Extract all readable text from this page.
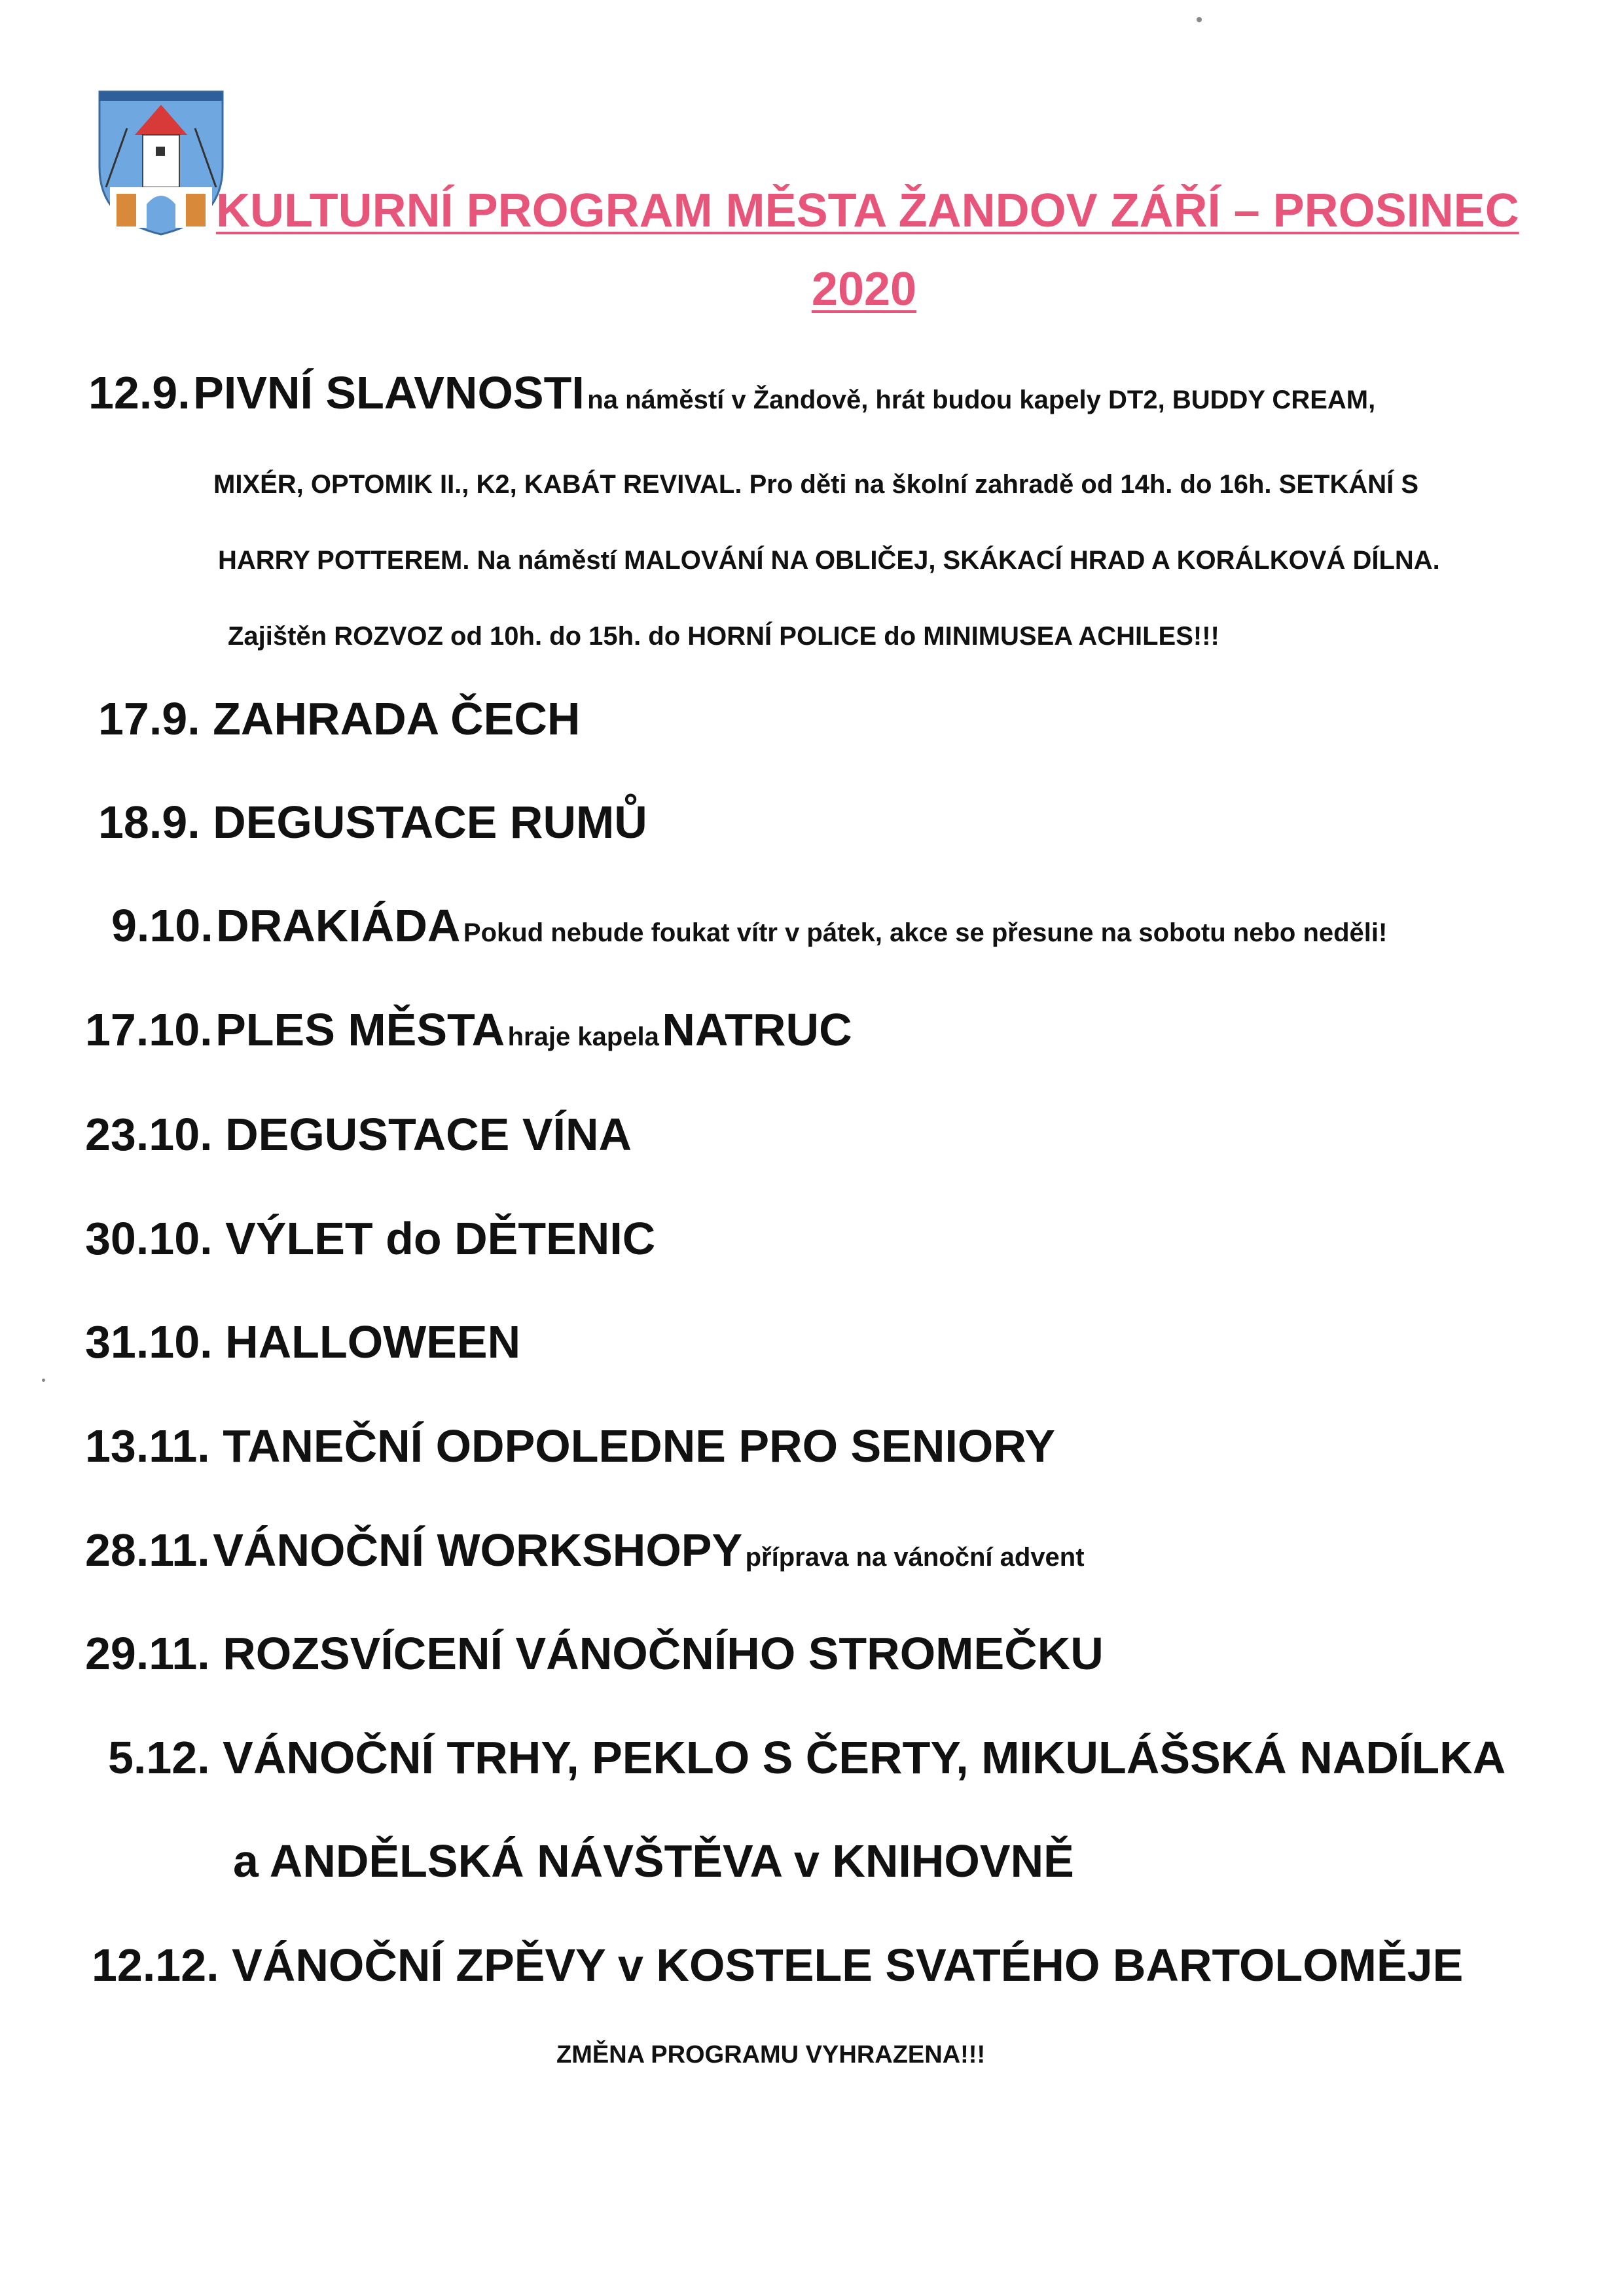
KULTURNÍ PROGRAM MĚSTA ŽANDOV ZÁŘÍ – PROSINEC
2020
12.9. PIVNÍ SLAVNOSTI na náměstí v Žandově, hrát budou kapely DT2, BUDDY CREAM,
MIXÉR, OPTOMIK II., K2, KABÁT REVIVAL. Pro děti na školní zahradě od 14h. do 16h. SETKÁNÍ S
HARRY POTTEREM. Na náměstí MALOVÁNÍ NA OBLIČEJ, SKÁKACÍ HRAD A KORÁLKOVÁ DÍLNA.
Zajištěn ROZVOZ od 10h. do 15h. do HORNÍ POLICE do MINIMUSEA ACHILES!!!
17.9. ZAHRADA ČECH
18.9. DEGUSTACE RUMŮ
9.10. DRAKIÁDA Pokud nebude foukat vítr v pátek, akce se přesune na sobotu nebo neděli!
17.10. PLES MĚSTA hraje kapela NATRUC
23.10. DEGUSTACE VÍNA
30.10. VÝLET do DĚTENIC
31.10. HALLOWEEN
13.11. TANEČNÍ ODPOLEDNE PRO SENIORY
28.11. VÁNOČNÍ WORKSHOPY příprava na vánoční advent
29.11. ROZSVÍCENÍ VÁNOČNÍHO STROMEČKU
5.12. VÁNOČNÍ TRHY, PEKLO S ČERTY, MIKULÁŠSKÁ NADÍLKA
a ANDĚLSKÁ NÁVŠTĚVA v KNIHOVNĚ
12.12. VÁNOČNÍ ZPĚVY v KOSTELE SVATÉHO BARTOLOMĚJE
ZMĚNA PROGRAMU VYHRAZENA!!!
